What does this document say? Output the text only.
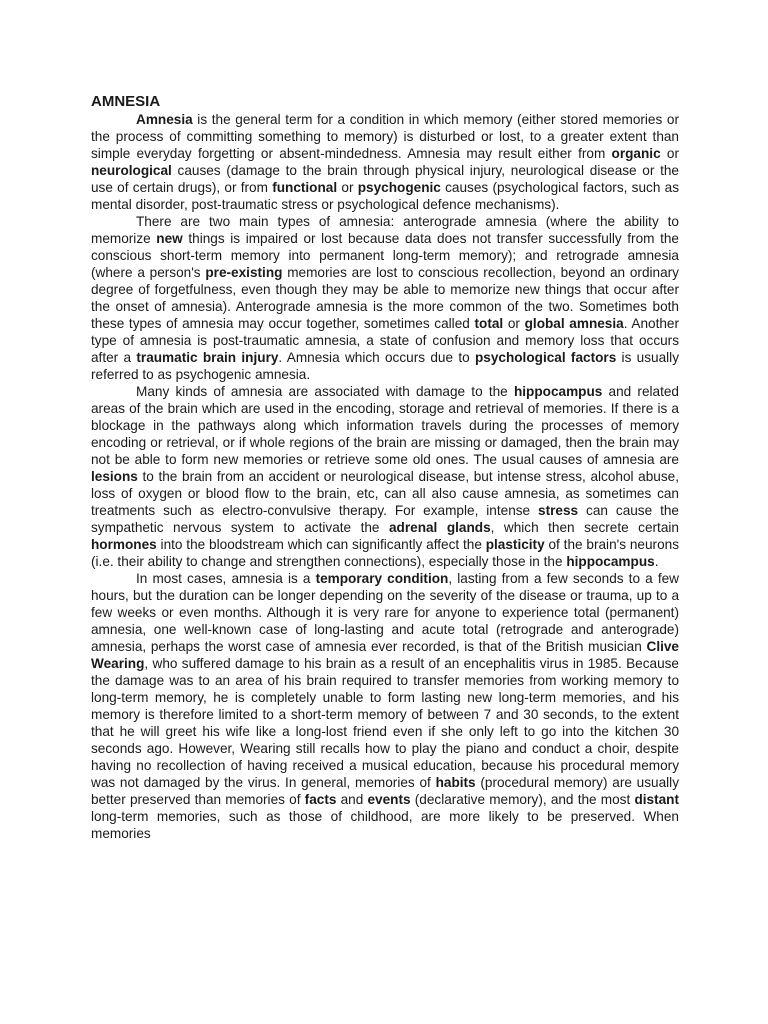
AMNESIA

Amnesia is the general term for a condition in which memory (either stored memories or the process of committing something to memory) is disturbed or lost, to a greater extent than simple everyday forgetting or absent-mindedness. Amnesia may result either from organic or neurological causes (damage to the brain through physical injury, neurological disease or the use of certain drugs), or from functional or psychogenic causes (psychological factors, such as mental disorder, post-traumatic stress or psychological defence mechanisms).

There are two main types of amnesia: anterograde amnesia (where the ability to memorize new things is impaired or lost because data does not transfer successfully from the conscious short-term memory into permanent long-term memory); and retrograde amnesia (where a person's pre-existing memories are lost to conscious recollection, beyond an ordinary degree of forgetfulness, even though they may be able to memorize new things that occur after the onset of amnesia). Anterograde amnesia is the more common of the two. Sometimes both these types of amnesia may occur together, sometimes called total or global amnesia. Another type of amnesia is post-traumatic amnesia, a state of confusion and memory loss that occurs after a traumatic brain injury. Amnesia which occurs due to psychological factors is usually referred to as psychogenic amnesia.

Many kinds of amnesia are associated with damage to the hippocampus and related areas of the brain which are used in the encoding, storage and retrieval of memories. If there is a blockage in the pathways along which information travels during the processes of memory encoding or retrieval, or if whole regions of the brain are missing or damaged, then the brain may not be able to form new memories or retrieve some old ones. The usual causes of amnesia are lesions to the brain from an accident or neurological disease, but intense stress, alcohol abuse, loss of oxygen or blood flow to the brain, etc, can all also cause amnesia, as sometimes can treatments such as electro-convulsive therapy. For example, intense stress can cause the sympathetic nervous system to activate the adrenal glands, which then secrete certain hormones into the bloodstream which can significantly affect the plasticity of the brain's neurons (i.e. their ability to change and strengthen connections), especially those in the hippocampus.

In most cases, amnesia is a temporary condition, lasting from a few seconds to a few hours, but the duration can be longer depending on the severity of the disease or trauma, up to a few weeks or even months. Although it is very rare for anyone to experience total (permanent) amnesia, one well-known case of long-lasting and acute total (retrograde and anterograde) amnesia, perhaps the worst case of amnesia ever recorded, is that of the British musician Clive Wearing, who suffered damage to his brain as a result of an encephalitis virus in 1985. Because the damage was to an area of his brain required to transfer memories from working memory to long-term memory, he is completely unable to form lasting new long-term memories, and his memory is therefore limited to a short-term memory of between 7 and 30 seconds, to the extent that he will greet his wife like a long-lost friend even if she only left to go into the kitchen 30 seconds ago. However, Wearing still recalls how to play the piano and conduct a choir, despite having no recollection of having received a musical education, because his procedural memory was not damaged by the virus. In general, memories of habits (procedural memory) are usually better preserved than memories of facts and events (declarative memory), and the most distant long-term memories, such as those of childhood, are more likely to be preserved. When memories
